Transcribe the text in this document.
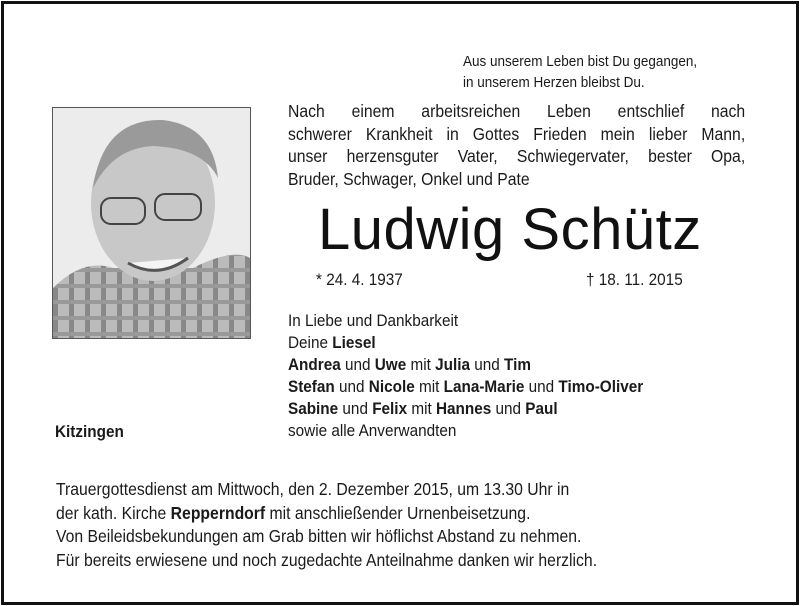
Aus unserem Leben bist Du gegangen,
in unserem Herzen bleibst Du.
Nach einem arbeitsreichen Leben entschlief nach
schwerer Krankheit in Gottes Frieden mein lieber Mann,
unser herzensguter Vater, Schwiegervater, bester Opa,
Bruder, Schwager, Onkel und Pate
Ludwig Schütz
* 24. 4. 1937	† 18. 11. 2015
In Liebe und Dankbarkeit
Deine Liesel
Andrea und Uwe mit Julia und Tim
Stefan und Nicole mit Lana-Marie und Timo-Oliver
Sabine und Felix mit Hannes und Paul
sowie alle Anverwandten
Kitzingen
Trauergottesdienst am Mittwoch, den 2. Dezember 2015, um 13.30 Uhr in
der kath. Kirche Repperndorf mit anschließender Urnenbeisetzung.
Von Beileidsbekundungen am Grab bitten wir höflichst Abstand zu nehmen.
Für bereits erwiesene und noch zugedachte Anteilnahme danken wir herzlich.
